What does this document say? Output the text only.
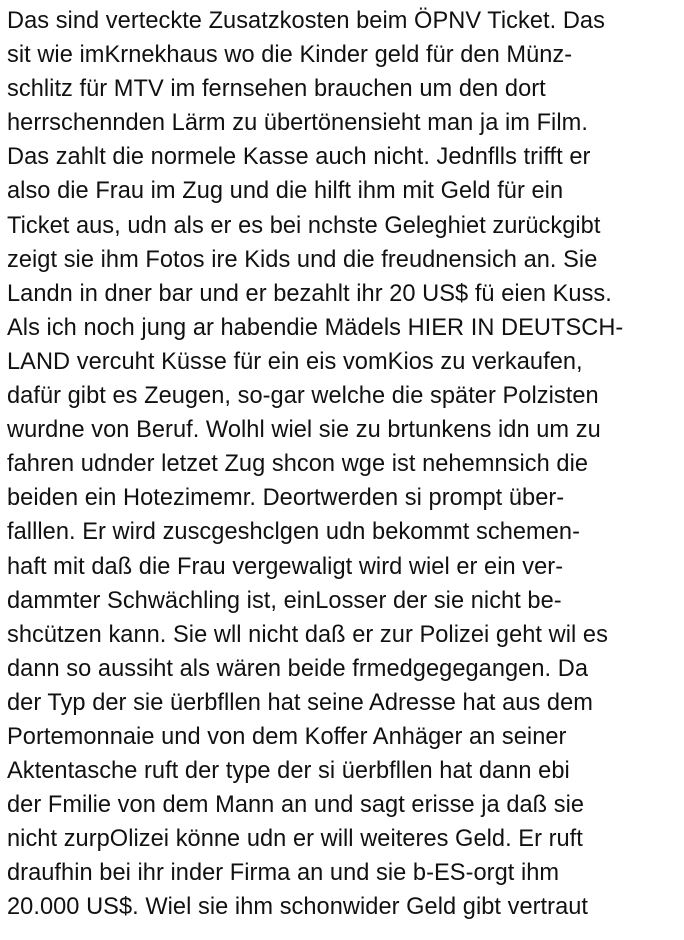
Das sind verteckte Zusatzkosten beim ÖPNV Ticket. Das
sit wie imKrnekhaus wo die Kinder geld für den Münz-
schlitz für MTV im fernsehen brauchen um den dort
herrschennden Lärm zu übertönensieht man ja im Film.
Das zahlt die normele Kasse auch nicht. Jednflls trifft er
also die Frau im Zug und die hilft ihm mit Geld für ein
Ticket aus, udn als er es bei nchste Geleghiet zurückgibt
zeigt sie ihm Fotos ire Kids und die freudnensich an. Sie
Landn in dner bar und er bezahlt ihr 20 US$ fü eien Kuss.
Als ich noch jung ar habendie Mädels HIER IN DEUTSCH-
LAND vercuht Küsse für ein eis vomKios zu verkaufen,
dafür gibt es Zeugen, so-gar welche die später Polzisten
wurdne von Beruf. Wolhl wiel sie zu brtunkens idn um zu
fahren udnder letzet Zug shcon wge ist nehemnsich die
beiden ein Hotezimemr. Deortwerden si prompt über-
falllen. Er wird zuscgeshclgen udn bekommt schemen-
haft mit daß die Frau vergewaligt wird wiel er ein ver-
dammter Schwächling ist, einLosser der sie nicht be-
shcützen kann. Sie wll nicht daß er zur Polizei geht wil es
dann so aussiht als wären beide frmedgegegangen. Da
der Typ der sie üerbfllen hat seine Adresse hat aus dem
Portemonnaie und von dem Koffer Anhäger an seiner
Aktentasche ruft der type der si üerbfllen hat dann ebi
der Fmilie von dem Mann an und sagt erisse ja daß sie
nicht zurpOlizei könne udn er will weiteres Geld. Er ruft
draufhin bei ihr inder Firma an und sie b-ES-orgt ihm
20.000 US$. Wiel sie ihm schonwider Geld gibt vertraut
